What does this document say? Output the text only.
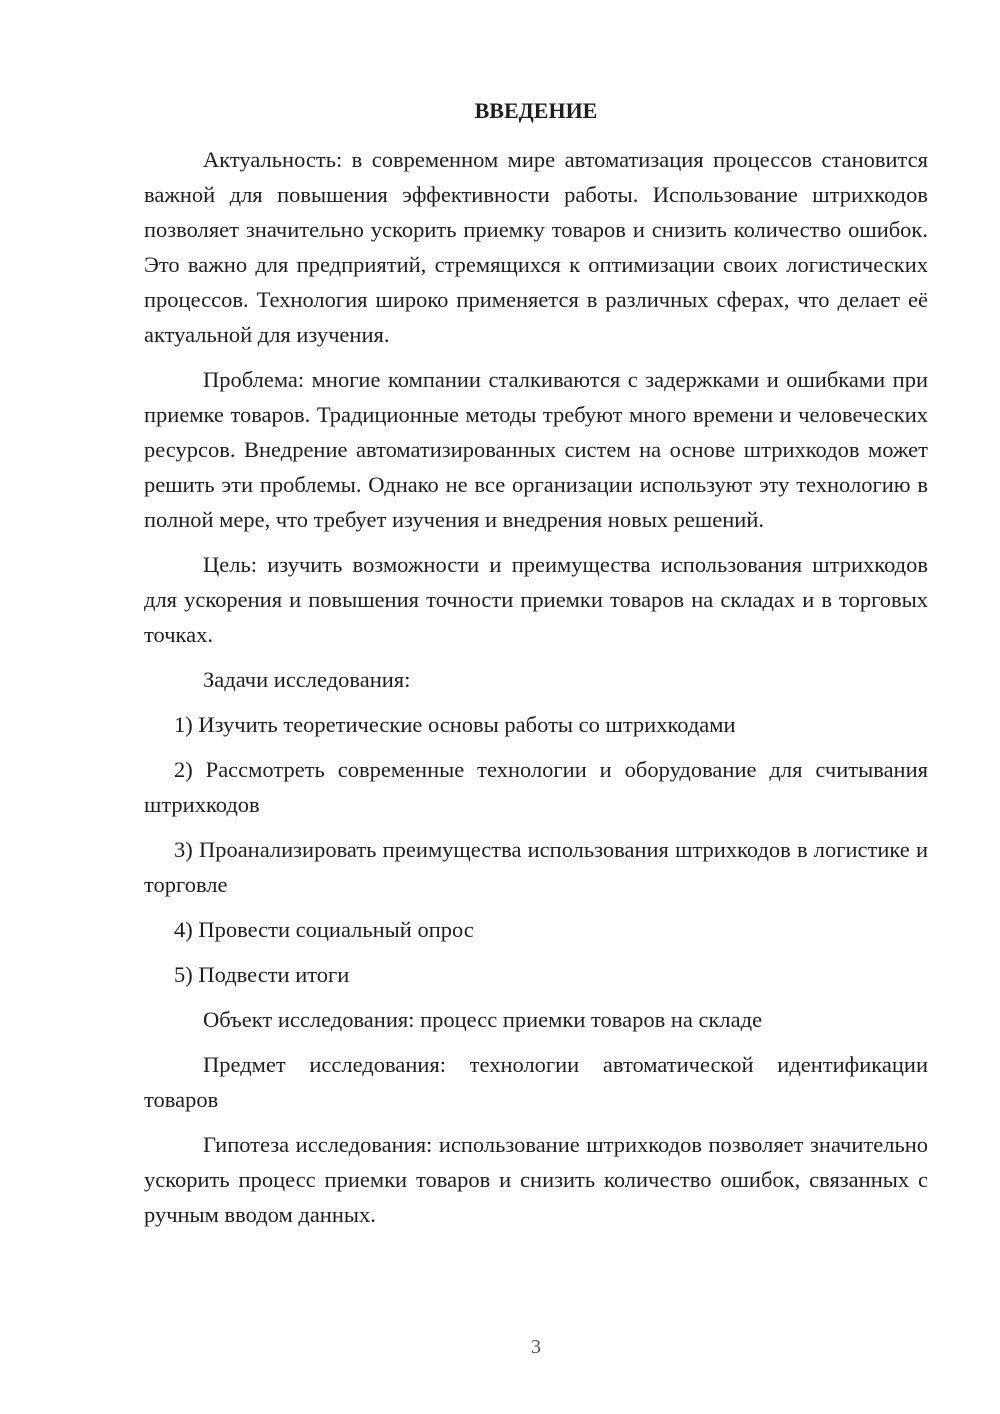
ВВЕДЕНИЕ

Актуальность: в современном мире автоматизация процессов становится важной для повышения эффективности работы. Использование штрихкодов позволяет значительно ускорить приемку товаров и снизить количество ошибок. Это важно для предприятий, стремящихся к оптимизации своих логистических процессов. Технология широко применяется в различных сферах, что делает её актуальной для изучения.

Проблема: многие компании сталкиваются с задержками и ошибками при приемке товаров. Традиционные методы требуют много времени и человеческих ресурсов. Внедрение автоматизированных систем на основе штрихкодов может решить эти проблемы. Однако не все организации используют эту технологию в полной мере, что требует изучения и внедрения новых решений.

Цель: изучить возможности и преимущества использования штрихкодов для ускорения и повышения точности приемки товаров на складах и в торговых точках.

Задачи исследования:

1) Изучить теоретические основы работы со штрихкодами

2) Рассмотреть современные технологии и оборудование для считывания штрихкодов

3) Проанализировать преимущества использования штрихкодов в логистике и торговле

4) Провести социальный опрос

5) Подвести итоги

Объект исследования: процесс приемки товаров на складе

Предмет исследования: технологии автоматической идентификации товаров

Гипотеза исследования: использование штрихкодов позволяет значительно ускорить процесс приемки товаров и снизить количество ошибок, связанных с ручным вводом данных.

3
